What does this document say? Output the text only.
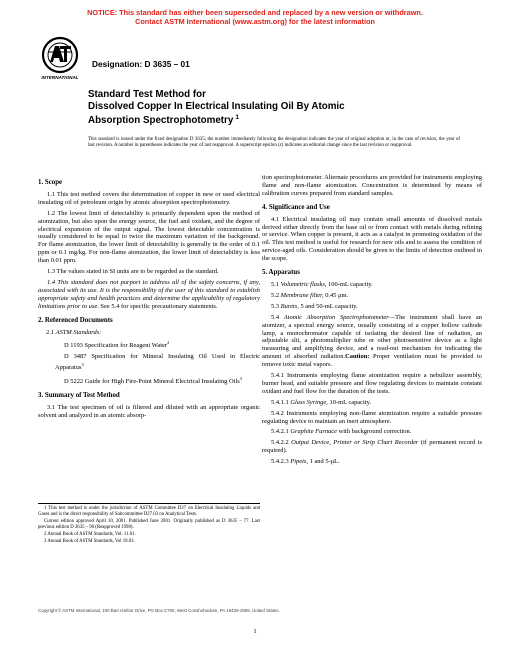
NOTICE: This standard has either been superseded and replaced by a new version or withdrawn.
Contact ASTM International (www.astm.org) for the latest information
INTERNATIONAL
Designation: D 3635 – 01
Standard Test Method for
Dissolved Copper In Electrical Insulating Oil By Atomic
Absorption Spectrophotometry $^1$
This standard is issued under the fixed designation D 3635; the number immediately following the designation indicates the year of original adoption or, in the case of revision, the year of last revision. A number in parentheses indicates the year of last reapproval. A superscript epsilon (ε) indicates an editorial change since the last revision or reapproval.
1. Scope

1.1 This test method covers the determination of copper in new or used electrical insulating oil of petroleum origin by atomic absorption spectrophotometry.

1.2 The lowest limit of detectability is primarily dependent upon the method of atomization, but also upon the energy source, the fuel and oxidant, and the degree of electrical expansion of the output signal. The lowest detectable concentration is usually considered to be equal to twice the maximum variation of the background. For flame atomization, the lower limit of detectability is generally in the order of 0.1 ppm or 0.1 mg/kg. For non-flame atomization, the lower limit of detectability is less than 0.01 ppm.

1.3 The values stated in SI units are to be regarded as the standard.

1.4 This standard does not purport to address all of the safety concerns, if any, associated with its use. It is the responsibility of the user of this standard to establish appropriate safety and health practices and determine the applicability of regulatory limitations prior to use. See 5.4 for specific precautionary statements.

2. Referenced Documents

2.1 ASTM Standards:

D 1193 Specification for Reagent Water$^2$

D 3487 Specification for Mineral Insulating Oil Used in Electric Apparatus$^3$

D 5222 Guide for High Fire-Point Mineral Electrical Insulating Oils$^3$

3. Summary of Test Method

3.1 The test specimen of oil is filtered and diluted with an appropriate organic solvent and analyzed in an atomic absorp-

1 This test method is under the jurisdiction of ASTM Committee D27 on Electrical Insulating Liquids and Gases and is the direct responsibility of Subcommittee D27.03 on Analytical Tests.

Current edition approved April 10, 2001. Published June 2001. Originally published as D 3635 – 77. Last previous edition D 3635 – 90 (Reapproved 1998).

2 Annual Book of ASTM Standards, Vol. 11.01.

3 Annual Book of ASTM Standards, Vol 10.03.

tion spectrophotometer. Alternate procedures are provided for instruments employing flame and non-flame atomization. Concentration is determined by means of calibration curves prepared from standard samples.

4. Significance and Use

4.1 Electrical insulating oil may contain small amounts of dissolved metals derived either directly from the base oil or from contact with metals during refining or service. When copper is present, it acts as a catalyst in promoting oxidation of the oil. This test method is useful for research for new oils and to assess the condition of service-aged oils. Consideration should be given to the limits of detection outlined in the scope.

5. Apparatus

5.1 Volumetric flasks, 100-mL capacity.

5.2 Membrane filter, 0.45 μm.

5.3 Burets, 5 and 50-mL capacity.

5.4 Atomic Absorption Spectrophotometer—The instrument shall have an atomizer, a spectral energy source, usually consisting of a copper hollow cathode lamp, a monochromator capable of isolating the desired line of radiation, an adjustable slit, a photomultiplier tube or other photosensitive device as a light measuring and amplifying device, and a read-out mechanism for indicating the amount of absorbed radiation.Caution: Proper ventilation must be provided to remove toxic metal vapors.

5.4.1 Instruments employing flame atomization require a nebulizer assembly, burner head, and suitable pressure and flow regulating devices to maintain constant oxidant and fuel flow for the duration of the tests.

5.4.1.1 Glass Syringe, 10-mL capacity.

5.4.2 Instruments employing non-flame atomization require a suitable pressure regulating device to maintain an inert atmosphere.

5.4.2.1 Graphite Furnace with background correction.

5.4.2.2 Output Device, Printer or Strip Chart Recorder (if permanent record is required).

5.4.2.3 Pipets, 1 and 5-μL.

Copyright © ASTM International, 100 Barr Harbor Drive, PO Box C700, West Conshohocken, PA 19428-2959, United States.
1
